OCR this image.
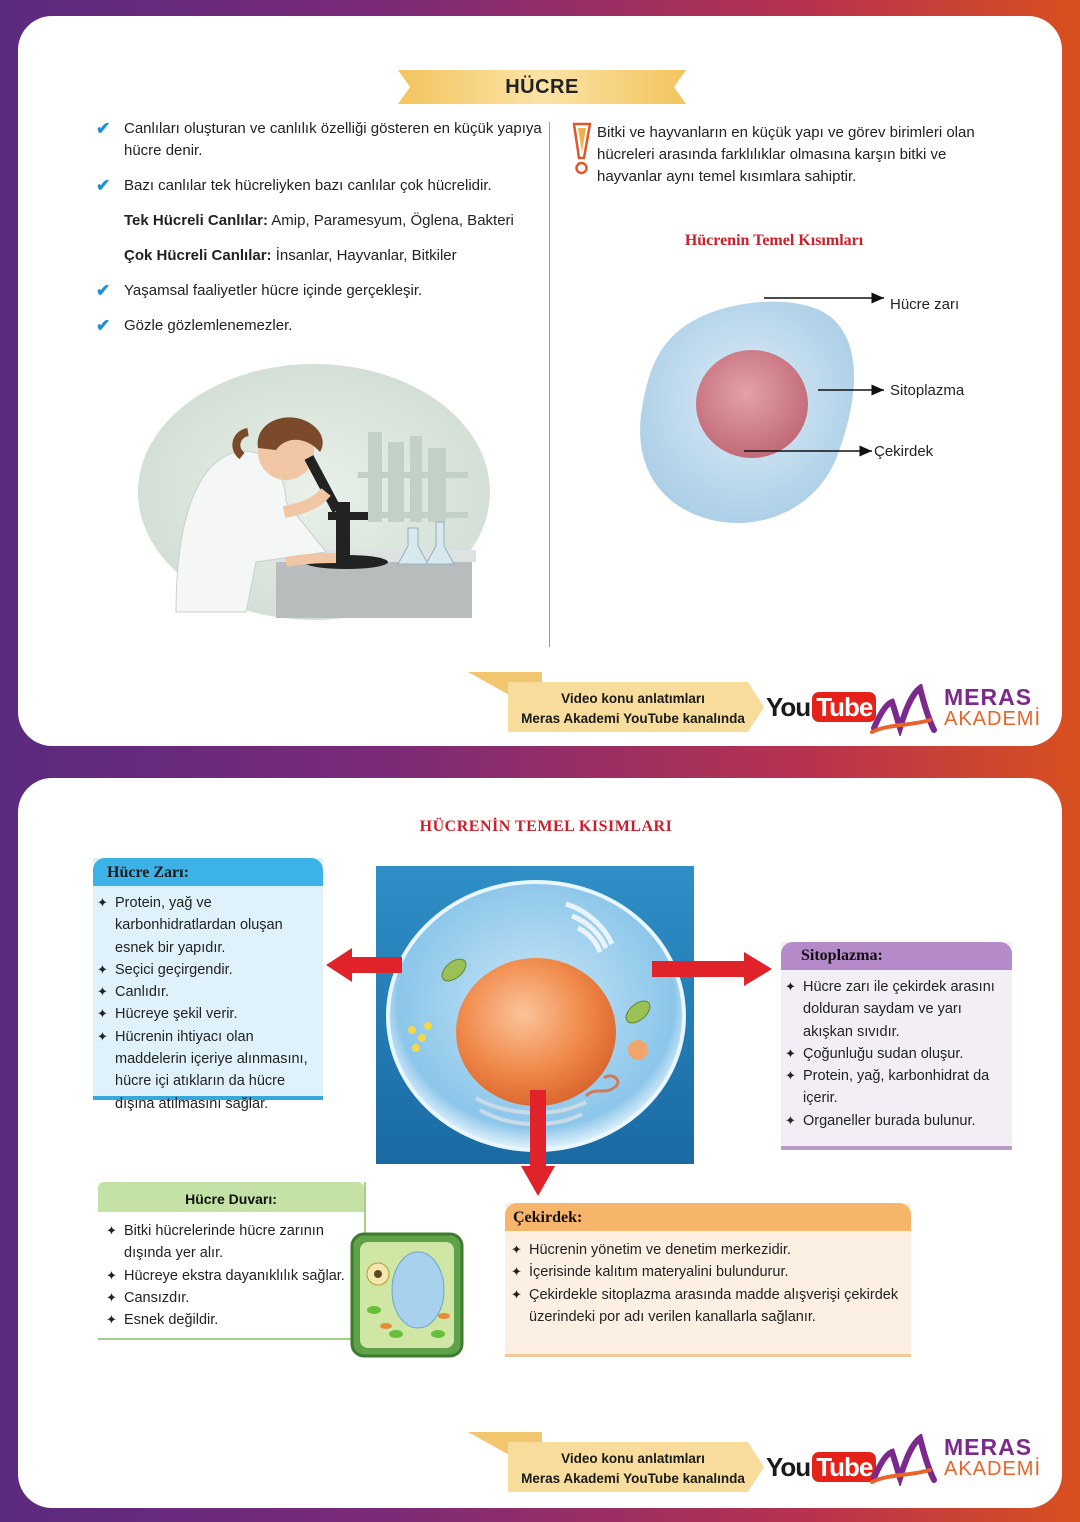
HÜCRE
✔ Canlıları oluşturan ve canlılık özelliği gösteren en küçük yapıya hücre denir.
✔ Bazı canlılar tek hücreliyken bazı canlılar çok hücrelidir.
Tek Hücreli Canlılar: Amip, Paramesyum, Öglena, Bakteri
Çok Hücreli Canlılar: İnsanlar, Hayvanlar, Bitkiler
✔ Yaşamsal faaliyetler hücre içinde gerçekleşir.
✔ Gözle gözlemlenemezler.

Bitki ve hayvanların en küçük yapı ve görev birimleri olan hücreleri arasında farklılıklar olmasına karşın bitki ve hayvanlar aynı temel kısımlara sahiptir.

Hücrenin Temel Kısımları
Hücre zarı
Sitoplazma
Çekirdek
Video konu anlatımları
Meras Akademi YouTube kanalında You Tube	MERAS
AKADEMİ
HÜCRENİN TEMEL KISIMLARI
Hücre Zarı:
✦ Protein, yağ ve karbonhidratlardan oluşan esnek bir yapıdır.
✦ Seçici geçirgendir.
✦ Canlıdır.
✦ Hücreye şekil verir.
✦ Hücrenin ihtiyacı olan maddelerin içeriye alınmasını, hücre içi atıkların da hücre dışına atılmasını sağlar.
Sitoplazma:
✦ Hücre zarı ile çekirdek arasını dolduran saydam ve yarı akışkan sıvıdır.
✦ Çoğunluğu sudan oluşur.
✦ Protein, yağ, karbonhidrat da içerir.
✦ Organeller burada bulunur.
Hücre Duvarı:
✦ Bitki hücrelerinde hücre zarının dışında yer alır.
✦ Hücreye ekstra dayanıklılık sağlar.
✦ Cansızdır.
✦ Esnek değildir.
Çekirdek:
✦ Hücrenin yönetim ve denetim merkezidir.
✦ İçerisinde kalıtım materyalini bulundurur.
✦ Çekirdekle sitoplazma arasında madde alışverişi çekirdek üzerindeki por adı verilen kanallarla sağlanır.
Video konu anlatımları
Meras Akademi YouTube kanalında You Tube
MERAS
AKADEMİ
